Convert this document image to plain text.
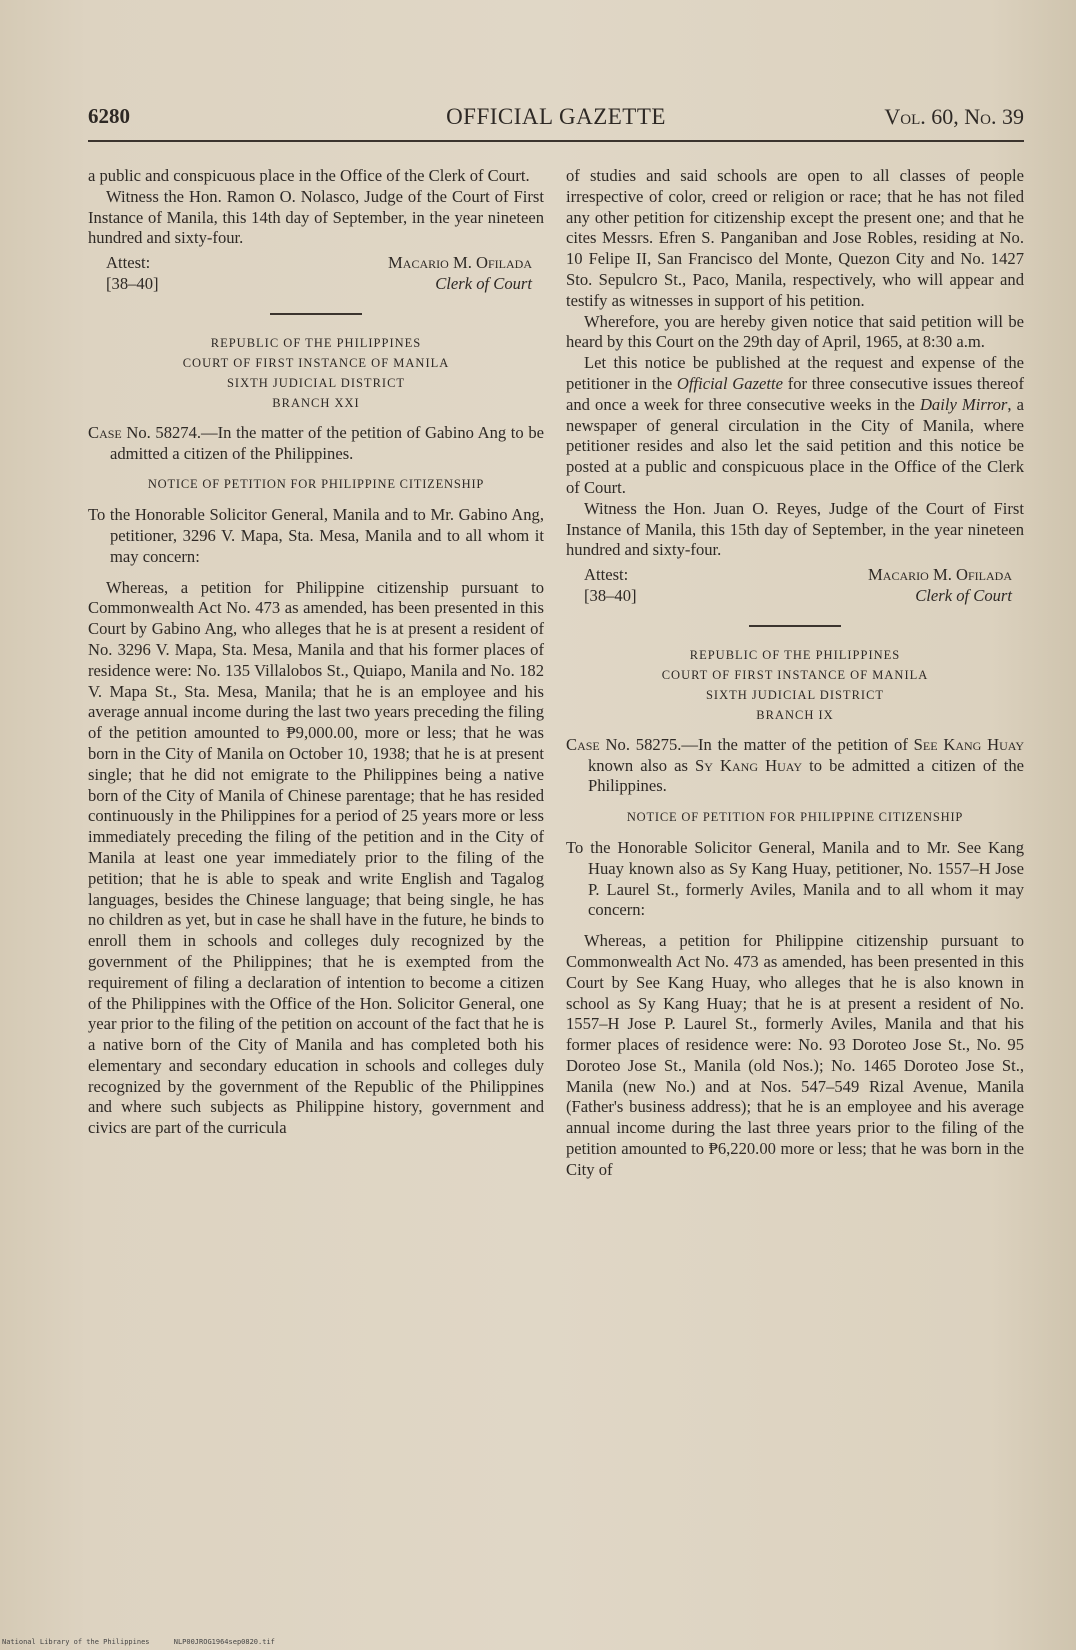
6280	OFFICIAL GAZETTE	Vol. 60, No. 39

a public and conspicuous place in the Office of the Clerk of Court.

Witness the Hon. Ramon O. Nolasco, Judge of the Court of First Instance of Manila, this 14th day of September, in the year nineteen hundred and sixty-four.

Attest:
[38–40]
Macario M. Ofilada
Clerk of Court
REPUBLIC OF THE PHILIPPINES
COURT OF FIRST INSTANCE OF MANILA
SIXTH JUDICIAL DISTRICT
BRANCH XXI

Case No. 58274.—In the matter of the petition of Gabino Ang to be admitted a citizen of the Philippines.

NOTICE OF PETITION FOR PHILIPPINE CITIZENSHIP

To the Honorable Solicitor General, Manila and to Mr. Gabino Ang, petitioner, 3296 V. Mapa, Sta. Mesa, Manila and to all whom it may concern:

Whereas, a petition for Philippine citizenship pursuant to Commonwealth Act No. 473 as amended, has been presented in this Court by Gabino Ang, who alleges that he is at present a resident of No. 3296 V. Mapa, Sta. Mesa, Manila and that his former places of residence were: No. 135 Villalobos St., Quiapo, Manila and No. 182 V. Mapa St., Sta. Mesa, Manila; that he is an employee and his average annual income during the last two years preceding the filing of the petition amounted to ₱9,000.00, more or less; that he was born in the City of Manila on October 10, 1938; that he is at present single; that he did not emigrate to the Philippines being a native born of the City of Manila of Chinese parentage; that he has resided continuously in the Philippines for a period of 25 years more or less immediately preceding the filing of the petition and in the City of Manila at least one year immediately prior to the filing of the petition; that he is able to speak and write English and Tagalog languages, besides the Chinese language; that being single, he has no children as yet, but in case he shall have in the future, he binds to enroll them in schools and colleges duly recognized by the government of the Philippines; that he is exempted from the requirement of filing a declaration of intention to become a citizen of the Philippines with the Office of the Hon. Solicitor General, one year prior to the filing of the petition on account of the fact that he is a native born of the City of Manila and has completed both his elementary and secondary education in schools and colleges duly recognized by the government of the Republic of the Philippines and where such subjects as Philippine history, government and civics are part of the curricula

of studies and said schools are open to all classes of people irrespective of color, creed or religion or race; that he has not filed any other petition for citizenship except the present one; and that he cites Messrs. Efren S. Panganiban and Jose Robles, residing at No. 10 Felipe II, San Francisco del Monte, Quezon City and No. 1427 Sto. Sepulcro St., Paco, Manila, respectively, who will appear and testify as witnesses in support of his petition.

Wherefore, you are hereby given notice that said petition will be heard by this Court on the 29th day of April, 1965, at 8:30 a.m.

Let this notice be published at the request and expense of the petitioner in the Official Gazette for three consecutive issues thereof and once a week for three consecutive weeks in the Daily Mirror, a newspaper of general circulation in the City of Manila, where petitioner resides and also let the said petition and this notice be posted at a public and conspicuous place in the Office of the Clerk of Court.

Witness the Hon. Juan O. Reyes, Judge of the Court of First Instance of Manila, this 15th day of September, in the year nineteen hundred and sixty-four.

Attest:
[38–40]
Macario M. Ofilada
Clerk of Court
REPUBLIC OF THE PHILIPPINES
COURT OF FIRST INSTANCE OF MANILA
SIXTH JUDICIAL DISTRICT
BRANCH IX

Case No. 58275.—In the matter of the petition of See Kang Huay known also as Sy Kang Huay to be admitted a citizen of the Philippines.

NOTICE OF PETITION FOR PHILIPPINE CITIZENSHIP

To the Honorable Solicitor General, Manila and to Mr. See Kang Huay known also as Sy Kang Huay, petitioner, No. 1557–H Jose P. Laurel St., formerly Aviles, Manila and to all whom it may concern:

Whereas, a petition for Philippine citizenship pursuant to Commonwealth Act No. 473 as amended, has been presented in this Court by See Kang Huay, who alleges that he is also known in school as Sy Kang Huay; that he is at present a resident of No. 1557–H Jose P. Laurel St., formerly Aviles, Manila and that his former places of residence were: No. 93 Doroteo Jose St., No. 95 Doroteo Jose St., Manila (old Nos.); No. 1465 Doroteo Jose St., Manila (new No.) and at Nos. 547–549 Rizal Avenue, Manila (Father's business address); that he is an employee and his average annual income during the last three years prior to the filing of the petition amounted to ₱6,220.00 more or less; that he was born in the City of

National Library of the Philippines	NLP00JROG1964sep0820.tif
